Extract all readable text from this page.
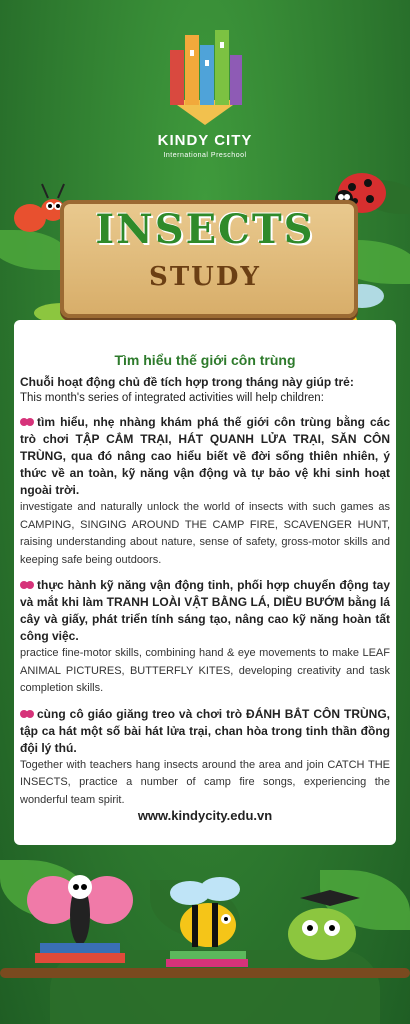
KINDY CITY
International Preschool
INSECTS
STUDY

Tìm hiểu thế giới côn trùng

Chuỗi hoạt động chủ đề tích hợp trong tháng này giúp trẻ:

This month's series of integrated activities will help children:

tìm hiểu, nhẹ nhàng khám phá thế giới côn trùng bằng các trò chơi TẬP CẮM TRẠI, HÁT QUANH LỬA TRẠI, SĂN CÔN TRÙNG, qua đó nâng cao hiểu biết về đời sống thiên nhiên, ý thức về an toàn, kỹ năng vận động và tự bảo vệ khi sinh hoạt ngoài trời.

investigate and naturally unlock the world of insects with such games as CAMPING, SINGING AROUND THE CAMP FIRE, SCAVENGER HUNT, raising understanding about nature, sense of safety, gross-motor skills and keeping safe being outdoors.

thực hành kỹ năng vận động tinh, phối hợp chuyển động tay và mắt khi làm TRANH LOÀI VẬT BẰNG LÁ, DIỀU BƯỚM bằng lá cây và giấy, phát triển tính sáng tạo, nâng cao kỹ năng hoàn tất công việc.

practice fine-motor skills, combining hand & eye movements to make LEAF ANIMAL PICTURES, BUTTERFLY KITES, developing creativity and task completion skills.

cùng cô giáo giăng treo và chơi trò ĐÁNH BẮT CÔN TRÙNG, tập ca hát một số bài hát lửa trại, chan hòa trong tinh thần đồng đội lý thú.

Together with teachers hang insects around the area and join CATCH THE INSECTS, practice a number of camp fire songs, experiencing the wonderful team spirit.

www.kindycity.edu.vn
